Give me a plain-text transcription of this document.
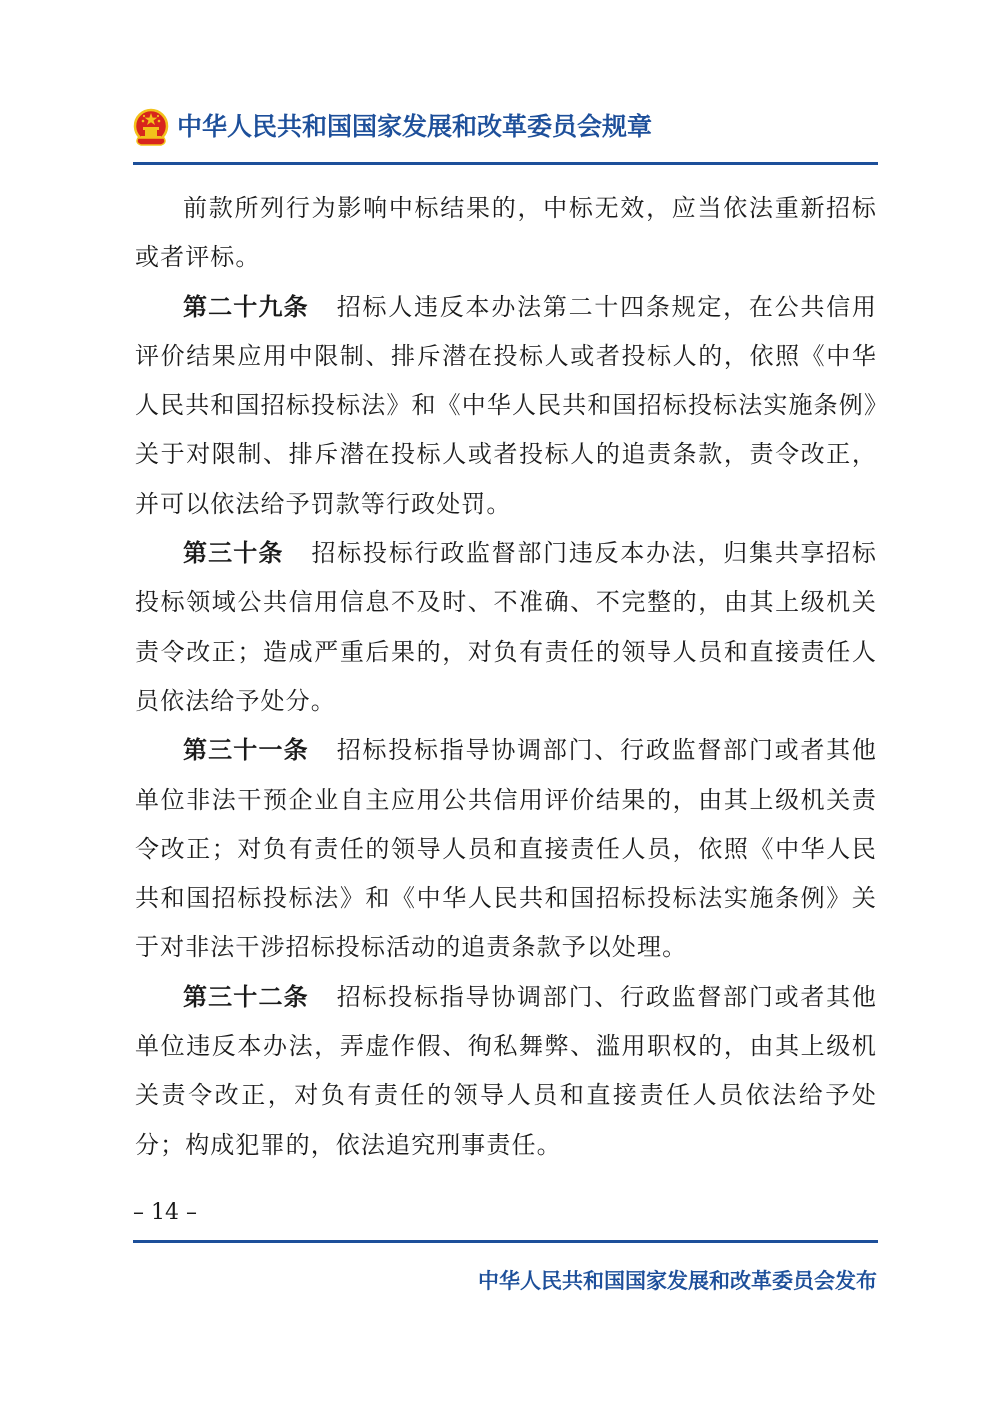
中华人民共和国国家发展和改革委员会规章

前款所列行为影响中标结果的，中标无效，应当依法重新招标或者评标。

第二十九条 招标人违反本办法第二十四条规定，在公共信用评价结果应用中限制、排斥潜在投标人或者投标人的，依照《中华人民共和国招标投标法》和《中华人民共和国招标投标法实施条例》关于对限制、排斥潜在投标人或者投标人的追责条款，责令改正，并可以依法给予罚款等行政处罚。

第三十条 招标投标行政监督部门违反本办法，归集共享招标投标领域公共信用信息不及时、不准确、不完整的，由其上级机关责令改正；造成严重后果的，对负有责任的领导人员和直接责任人员依法给予处分。

第三十一条 招标投标指导协调部门、行政监督部门或者其他单位非法干预企业自主应用公共信用评价结果的，由其上级机关责令改正；对负有责任的领导人员和直接责任人员，依照《中华人民共和国招标投标法》和《中华人民共和国招标投标法实施条例》关于对非法干涉招标投标活动的追责条款予以处理。

第三十二条 招标投标指导协调部门、行政监督部门或者其他单位违反本办法，弄虚作假、徇私舞弊、滥用职权的，由其上级机关责令改正，对负有责任的领导人员和直接责任人员依法给予处分；构成犯罪的，依法追究刑事责任。

– 14 –
中华人民共和国国家发展和改革委员会发布
